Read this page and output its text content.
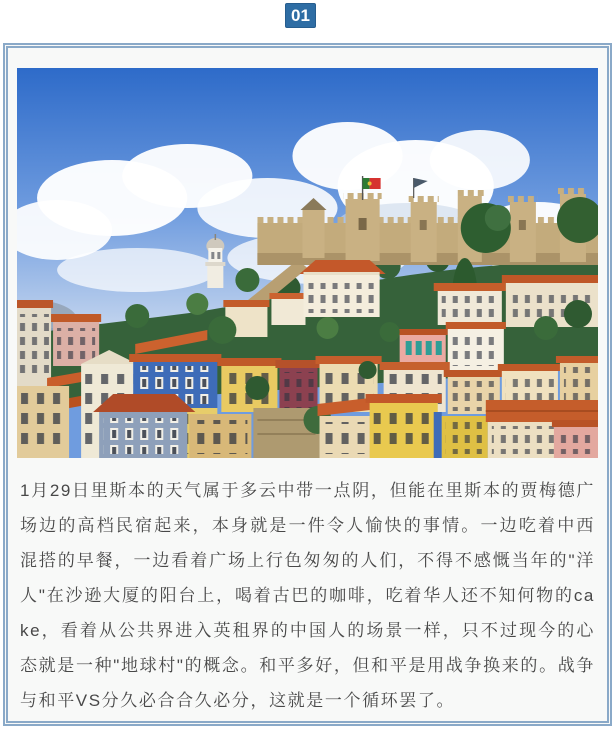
01

1月29日里斯本的天气属于多云中带一点阴，但能在里斯本的贾梅德广场边的高档民宿起来，本身就是一件令人愉快的事情。一边吃着中西混搭的早餐，一边看着广场上行色匆匆的人们，不得不感慨当年的"洋人"在沙逊大厦的阳台上，喝着古巴的咖啡，吃着华人还不知何物的cake，看着从公共界进入英租界的中国人的场景一样，只不过现今的心态就是一种"地球村"的概念。和平多好，但和平是用战争换来的。战争与和平VS分久必合合久必分，这就是一个循环罢了。
